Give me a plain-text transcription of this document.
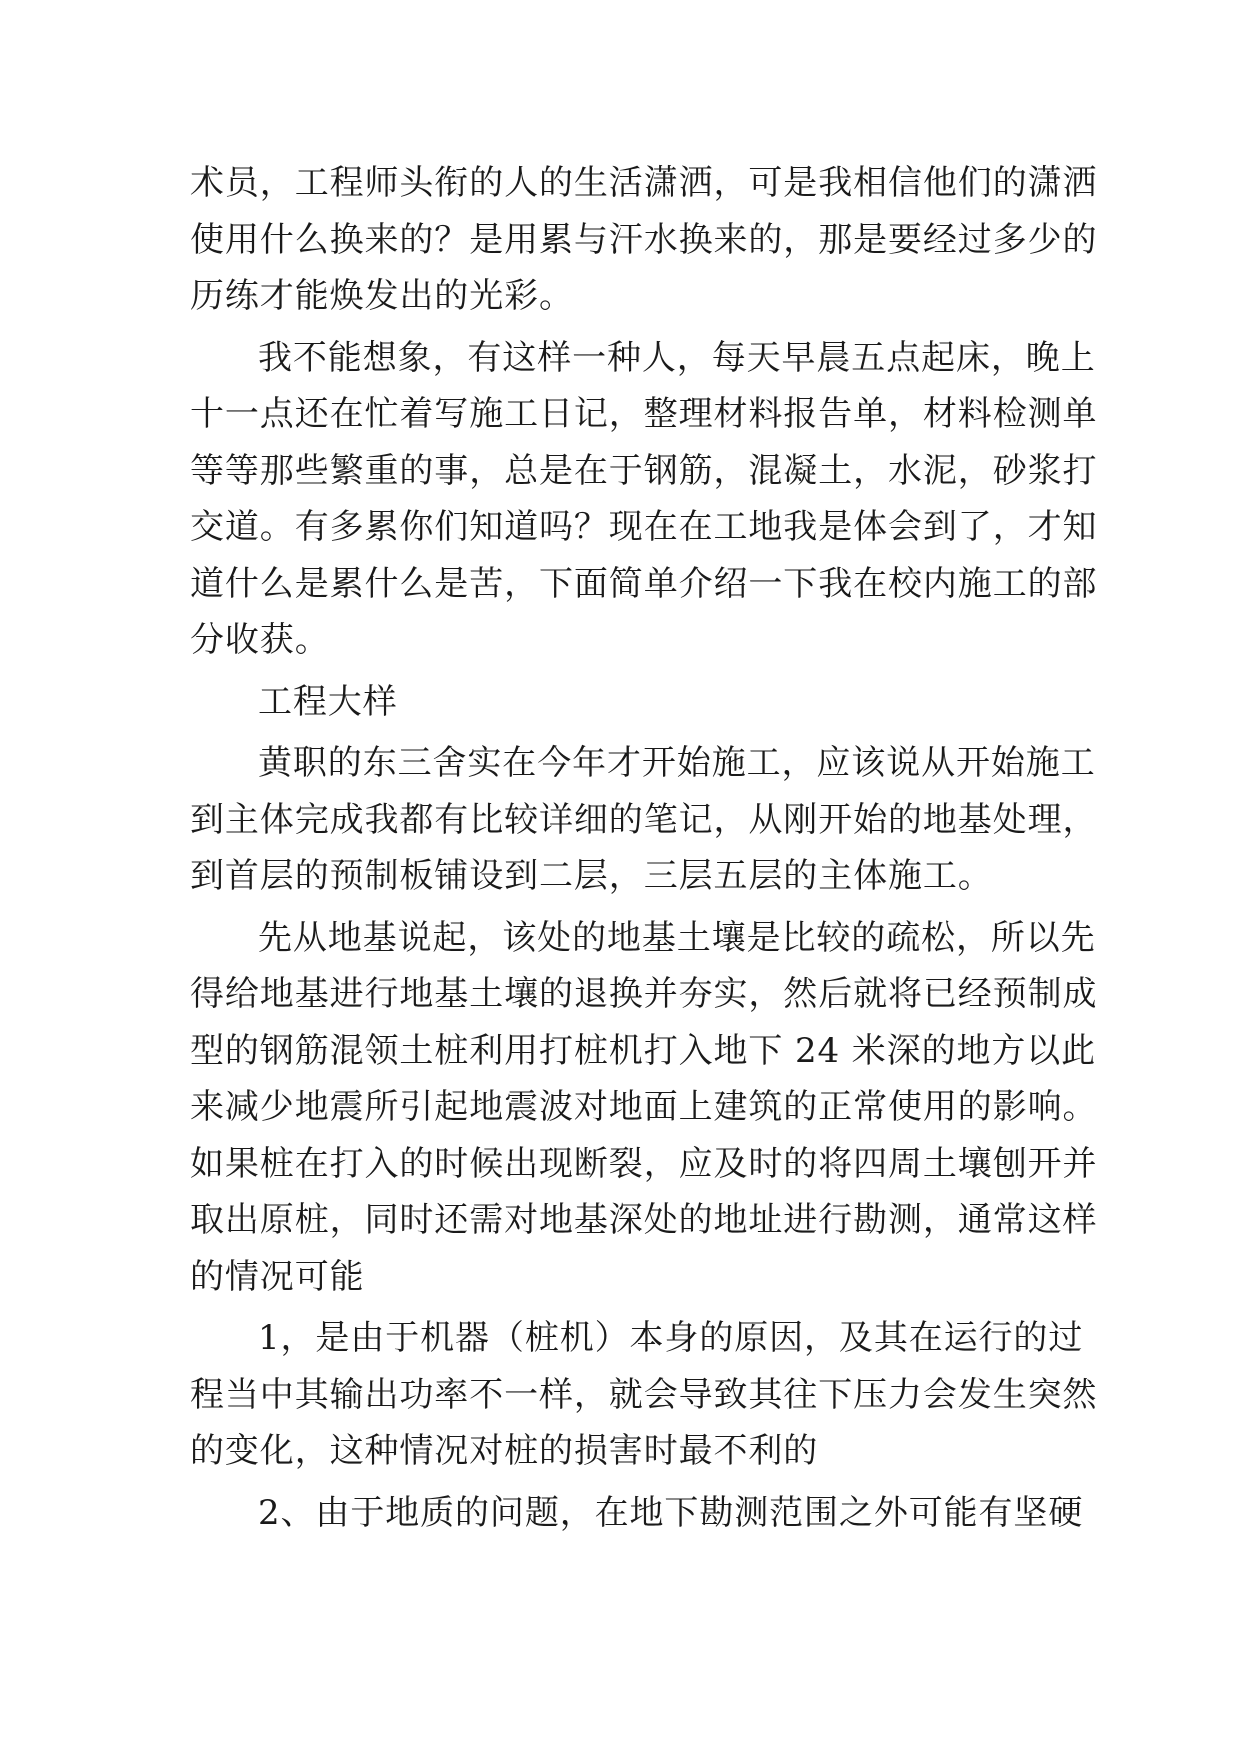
术员，工程师头衔的人的生活潇洒，可是我相信他们的潇洒
使用什么换来的？是用累与汗水换来的，那是要经过多少的
历练才能焕发出的光彩。
我不能想象，有这样一种人，每天早晨五点起床，晚上
十一点还在忙着写施工日记，整理材料报告单，材料检测单
等等那些繁重的事，总是在于钢筋，混凝土，水泥，砂浆打
交道。有多累你们知道吗？现在在工地我是体会到了，才知
道什么是累什么是苦，下面简单介绍一下我在校内施工的部
分收获。
工程大样
黄职的东三舍实在今年才开始施工，应该说从开始施工
到主体完成我都有比较详细的笔记，从刚开始的地基处理，
到首层的预制板铺设到二层，三层五层的主体施工。
先从地基说起，该处的地基土壤是比较的疏松，所以先
得给地基进行地基土壤的退换并夯实，然后就将已经预制成
型的钢筋混领土桩利用打桩机打入地下 24 米深的地方以此
来减少地震所引起地震波对地面上建筑的正常使用的影响。
如果桩在打入的时候出现断裂，应及时的将四周土壤刨开并
取出原桩，同时还需对地基深处的地址进行勘测，通常这样
的情况可能
1，是由于机器（桩机）本身的原因，及其在运行的过
程当中其输出功率不一样，就会导致其往下压力会发生突然
的变化，这种情况对桩的损害时最不利的
2、由于地质的问题，在地下勘测范围之外可能有坚硬
